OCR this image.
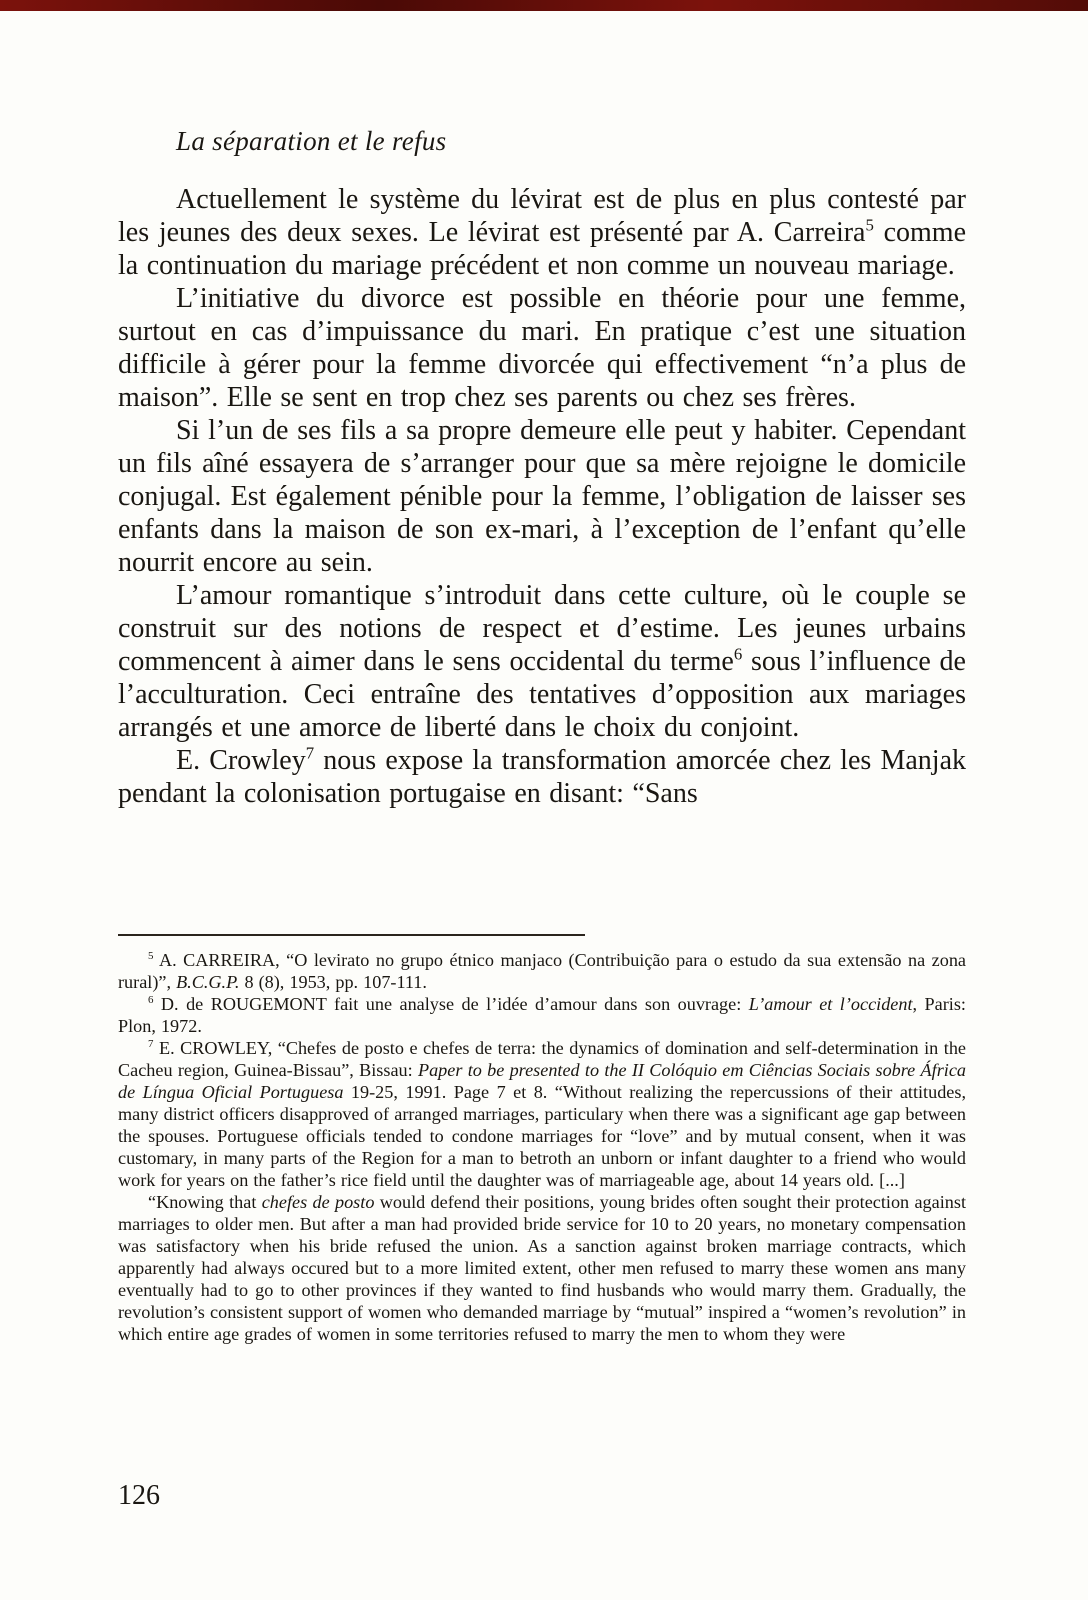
La séparation et le refus

Actuellement le système du lévirat est de plus en plus contesté par les jeunes des deux sexes. Le lévirat est présenté par A. Carreira$^5$ comme la continuation du mariage précédent et non comme un nouveau mariage.

L’initiative du divorce est possible en théorie pour une femme, surtout en cas d’impuissance du mari. En pratique c’est une situation difficile à gérer pour la femme divorcée qui effectivement “n’a plus de maison”. Elle se sent en trop chez ses parents ou chez ses frères.

Si l’un de ses fils a sa propre demeure elle peut y habiter. Cependant un fils aîné essayera de s’arranger pour que sa mère rejoigne le domicile conjugal. Est également pénible pour la femme, l’obligation de laisser ses enfants dans la maison de son ex-mari, à l’exception de l’enfant qu’elle nourrit encore au sein.

L’amour romantique s’introduit dans cette culture, où le couple se construit sur des notions de respect et d’estime. Les jeunes urbains commencent à aimer dans le sens occidental du terme$^6$ sous l’influence de l’acculturation. Ceci entraîne des tentatives d’opposition aux mariages arrangés et une amorce de liberté dans le choix du conjoint.

E. Crowley$^7$ nous expose la transformation amorcée chez les Manjak pendant la colonisation portugaise en disant: “Sans

$^5$ A. CARREIRA, “O levirato no grupo étnico manjaco (Contribuição para o estudo da sua extensão na zona rural)”, B.C.G.P. 8 (8), 1953, pp. 107-111.

$^6$ D. de ROUGEMONT fait une analyse de l’idée d’amour dans son ouvrage: L’amour et l’occident, Paris: Plon, 1972.

$^7$ E. CROWLEY, “Chefes de posto e chefes de terra: the dynamics of domination and self-determination in the Cacheu region, Guinea-Bissau”, Bissau: Paper to be presented to the II Colóquio em Ciências Sociais sobre África de Língua Oficial Portuguesa 19-25, 1991. Page 7 et 8. “Without realizing the repercussions of their attitudes, many district officers disapproved of arranged marriages, particulary when there was a significant age gap between the spouses. Portuguese officials tended to condone marriages for “love” and by mutual consent, when it was customary, in many parts of the Region for a man to betroth an unborn or infant daughter to a friend who would work for years on the father’s rice field until the daughter was of marriageable age, about 14 years old. [...]

“Knowing that chefes de posto would defend their positions, young brides often sought their protection against marriages to older men. But after a man had provided bride service for 10 to 20 years, no monetary compensation was satisfactory when his bride refused the union. As a sanction against broken marriage contracts, which apparently had always occured but to a more limited extent, other men refused to marry these women ans many eventually had to go to other provinces if they wanted to find husbands who would marry them. Gradually, the revolution’s consistent support of women who demanded marriage by “mutual” inspired a “women’s revolution” in which entire age grades of women in some territories refused to marry the men to whom they were

126
